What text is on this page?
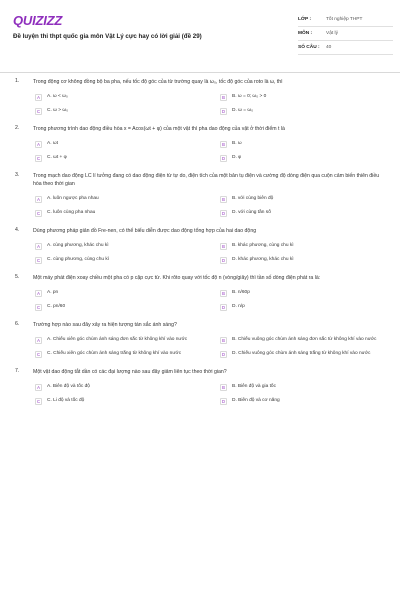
QUIZIZZ
Đề luyện thi thpt quốc gia môn Vật Lý cực hay có lời giải (đề 29)
LỚP :	Tốt nghiệp THPT
MÔN :	Vật lý
SỐ CÂU :	40
1.	Trong động cơ không đồng bộ ba pha, nếu tốc độ góc của từ trường quay là ω₀, tốc độ góc của roto là ω, thì
A	A. ω < ω₀	B	B. ω = 0; ω₀ > 0
C	C. ω > ω₀	D	D. ω = ω₀
2.	Trong phương trình dao động điều hòa x = Acos(ωt + φ) của một vật thì pha dao động của vật ở thời điểm t là
A	A. ωt	B	B. ω
C	C. ωt + φ	D	D. φ
3.	Trong mạch dao động LC lí tưởng đang có dao động điện từ tự do, điện tích của một bản tụ điện và cường độ dòng điện qua cuộn cảm biến thiên điều hòa theo thời gian
A	A. luôn ngược pha nhau	B	B. với cùng biên độ
C	C. luôn cùng pha nhau	D	D. với cùng tần số
4.	Dùng phương pháp giản đồ Fre-nen, có thể biểu diễn được dao động tổng hợp của hai dao động
A	A. cùng phương, khác chu kì	B	B. khác phương, cùng chu kì
C	C. cùng phương, cùng chu kì	D	D. khác phương, khác chu kì
5.	Một máy phát điện xoay chiều một pha có p cặp cực từ. Khi rôto quay với tốc độ n (vòng/giây) thì tần số dòng điện phát ra là:
A	A. pn	B	B. n/60p
C	C. pn/60	D	D. n/p
6.	Trường hợp nào sau đây xảy ra hiện tượng tán sắc ánh sáng?
A	A. Chiếu xiên góc chùm ánh sáng đơn sắc từ không khí vào nước	B	B. Chiếu vuông góc chùm ánh sáng đơn sắc từ không khí vào nước
C	C. Chiếu xiên góc chùm ánh sáng trắng từ không khí vào nước	D	D. Chiếu vuông góc chùm ánh sáng trắng từ không khí vào nước
7.	Một vật dao động tắt dần có các đại lượng nào sau đây giảm liên tục theo thời gian?
A	A. Biên độ và tốc độ	B	B. Biên độ và gia tốc
C	C. Li độ và tốc độ	D	D. Biên độ và cơ năng
